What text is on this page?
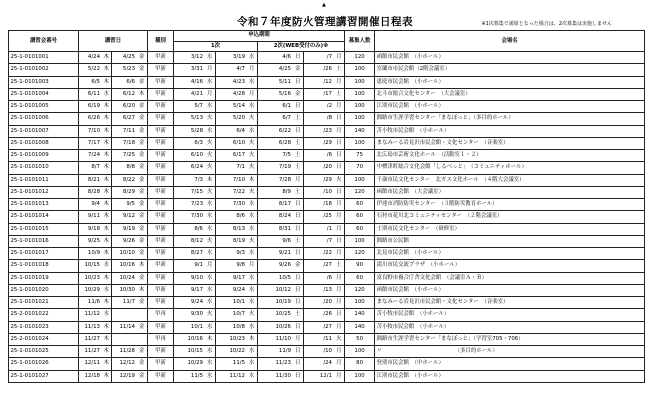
▲
令和７年度防火管理講習開催日程表	※1次募集で満席となった場合は、2次募集は実施しません
講習会番号	講習日				種別	申込期間								募集人数	会場名
						1次				2次(WEB受付のみ)※					
25-1-0101001	4/24	木	4/25	金	甲新	3/12	水	3/19	水	4/6	日	/7	月	120	函館市民会館　（小ホール）
25-1-0101002	5/22	木	5/23	金	甲新	3/31	月	4/7	月	4/25	金	/26	土	100	室蘭市市民会館（2階会議室）
25-1-0101003	6/5	木	6/6	金	甲新	4/16	水	4/23	水	5/11	日	/12	月	100	恵庭市民会館　（小ホール）
25-1-0101004	6/11	水	6/12	木	甲新	4/21	月	4/28	月	5/16	金	/17	土	100	北斗市総合文化センター　（大会議室）
25-1-0101005	6/19	木	6/20	金	甲新	5/7	水	5/14	水	6/1	日	/2	月	100	江別市民会館　（小ホール）
25-1-0101006	6/26	木	6/27	金	甲新	5/13	火	5/20	火	6/7	土	/8	日	100	釧路市生涯学習センター「まなぼっと」（多目的ホール）
25-1-0101007	7/10	木	7/11	金	甲新	5/28	水	6/4	水	6/22	日	/23	月	140	苫小牧市民会館　（小ホール）
25-1-0101008	7/17	木	7/18	金	甲新	6/3	火	6/10	火	6/28	土	/29	日	100	まなみーる岩見沢市民会館・文化センター　（音楽室）
25-1-0101009	7/24	木	7/25	金	甲新	6/10	火	6/17	火	7/5	土	/6	日	75	北広島市芸術文化ホール　（活動室１・２）
25-1-0101010	8/7	木	8/8	金	甲新	6/24	火	7/1	火	7/19	土	/20	日	70	中標津町総合文化会館「しるべっと」　（コミュニティホール）
25-1-0101011	8/21	木	8/22	金	甲新	7/3	木	7/10	木	7/28	月	/29	火	100	千歳市民文化センター　北ガス文化ホール　（４階大会議室）
25-1-0101012	8/28	木	8/29	金	甲新	7/15	火	7/22	火	8/9	土	/10	日	120	函館市民会館　（大会議室）
25-1-0101013	9/4	木	9/5	金	甲新	7/23	水	7/30	水	8/17	日	/18	月	60	伊達市消防防災センター　（３階防災教育ホール）
25-1-0101014	9/11	木	9/12	金	甲新	7/30	水	8/6	水	8/24	日	/25	月	60	石狩市花川北コミュニティセンター　（２階会議室）
25-1-0101015	9/18	木	9/19	金	甲新	8/6	水	8/13	水	8/31	日	/1	月	60	士別市民文化センター　（研修室）
25-1-0101016	9/25	木	9/26	金	甲新	8/12	火	8/19	火	9/6	土	/7	日	100	釧路市公民館
25-1-0101017	10/9	木	10/10	金	甲新	8/27	水	9/3	水	9/21	日	/22	月	120	北見市民会館　（小ホール）
25-1-0101018	10/15	水	10/16	木	甲新	9/1	月	9/8	月	9/26	金	/27	土	90	滝川市民交流プラザ　（小ホール）
25-1-0101019	10/23	木	10/24	金	甲新	9/10	水	9/17	水	10/5	日	/6	月	60	富良野市複合庁舎文化会館　（会議室Ａ・Ｂ）
25-1-0101020	10/29	水	10/30	木	甲新	9/17	水	9/24	水	10/12	日	/13	月	120	函館市民会館　（小ホール）
25-1-0101021	11/6	木	11/7	金	甲新	9/24	水	10/1	水	10/19	日	/20	月	100	まなみーる岩見沢市民会館・文化センター　（音楽室）
25-2-0101022	11/12	水			甲再	9/30	火	10/7	火	10/25	土	/26	日	140	苫小牧市民会館　（小ホール）
25-1-0101023	11/13	木	11/14	金	甲新	10/1	水	10/8	水	10/26	日	/27	月	140	苫小牧市民会館　（小ホール）
25-2-0101024	11/27	木			甲再	10/16	木	10/23	木	11/10	月	/11	火	50	釧路市生涯学習センター「まなぼっと」（学習室705・706）
25-1-0101025	11/27	木	11/28	金	甲新	10/15	水	10/22	水	11/9	日	/10	月	100	〃　　　　　　　　　　　　　　（多目的ホール）
25-1-0101026	12/11	木	12/12	金	甲新	10/29	水	11/5	水	11/23	日	/24	月	80	登別市民会館　（中ホール）
25-1-0101027	12/18	木	12/19	金	甲新	11/5	水	11/12	水	11/30	日	12/1	月	100	江別市民会館　（小ホール）
